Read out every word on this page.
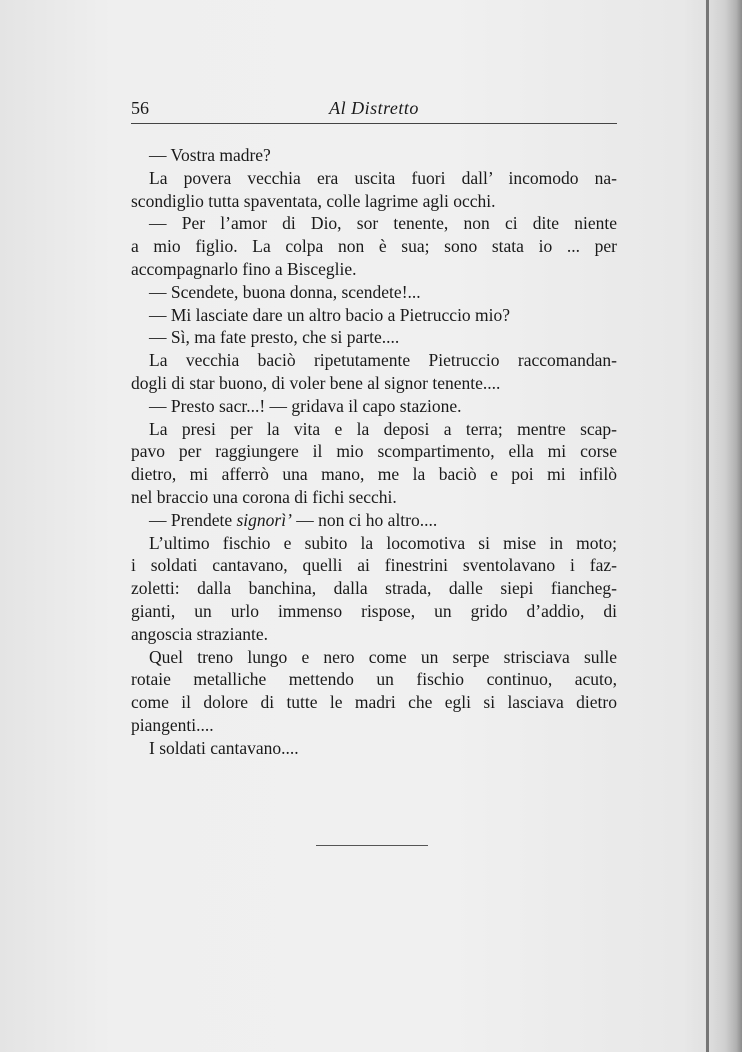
56	Al Distretto
— Vostra madre?
La povera vecchia era uscita fuori dall’ incomodo na-
scondiglio tutta spaventata, colle lagrime agli occhi.
— Per l’amor di Dio, sor tenente, non ci dite niente
a mio figlio. La colpa non è sua; sono stata io ... per
accompagnarlo fino a Bisceglie.
— Scendete, buona donna, scendete!...
— Mi lasciate dare un altro bacio a Pietruccio mio?
— Sì, ma fate presto, che si parte....
La vecchia baciò ripetutamente Pietruccio raccomandan-
dogli di star buono, di voler bene al signor tenente....
— Presto sacr...! — gridava il capo stazione.
La presi per la vita e la deposi a terra; mentre scap-
pavo per raggiungere il mio scompartimento, ella mi corse
dietro, mi afferrò una mano, me la baciò e poi mi infilò
nel braccio una corona di fichi secchi.
— Prendete signorì’ — non ci ho altro....
L’ultimo fischio e subito la locomotiva si mise in moto;
i soldati cantavano, quelli ai finestrini sventolavano i faz-
zoletti: dalla banchina, dalla strada, dalle siepi fiancheg-
gianti, un urlo immenso rispose, un grido d’addio, di
angoscia straziante.
Quel treno lungo e nero come un serpe strisciava sulle
rotaie metalliche mettendo un fischio continuo, acuto,
come il dolore di tutte le madri che egli si lasciava dietro
piangenti....
I soldati cantavano....
